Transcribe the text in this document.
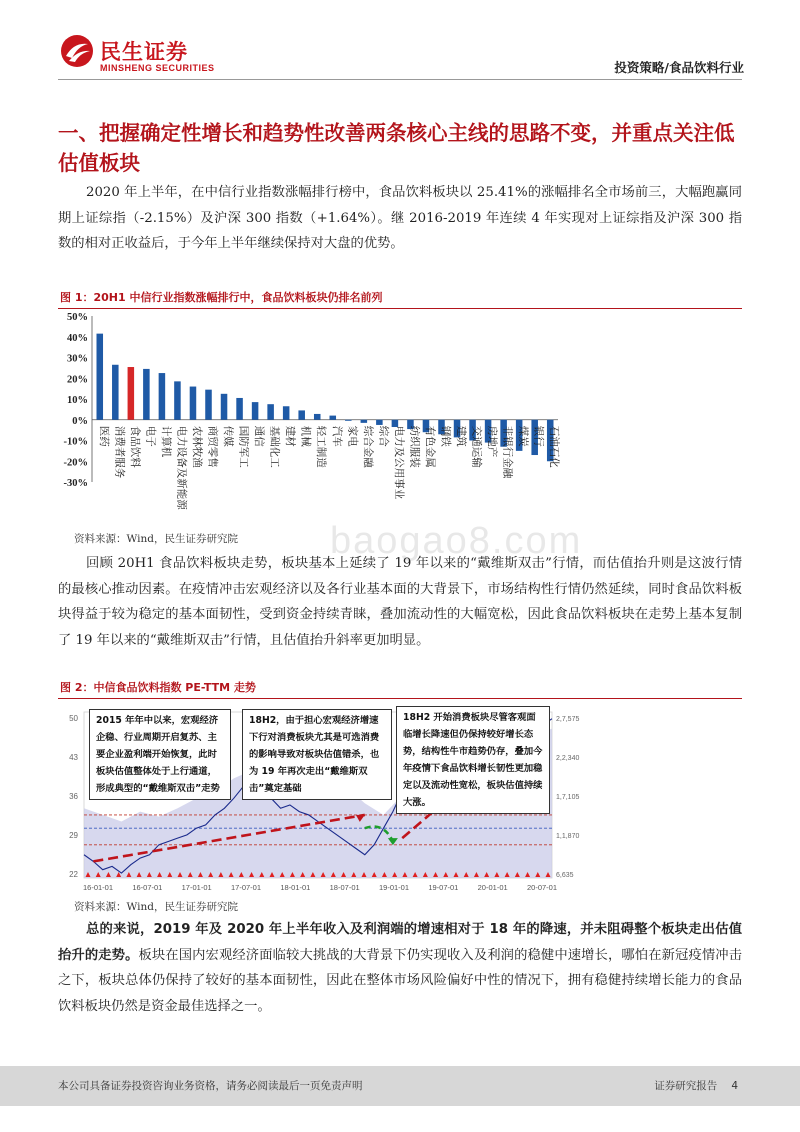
民生证券
MINSHENG SECURITIES	投资策略/食品饮料行业
一、把握确定性增长和趋势性改善两条核心主线的思路不变，并重点关注低估值板块
2020 年上半年，在中信行业指数涨幅排行榜中，食品饮料板块以 25.41%的涨幅排名全市场前三，大幅跑赢同期上证综指（-2.15%）及沪深 300 指数（+1.64%）。继 2016-2019 年连续 4 年实现对上证综指及沪深 300 指数的相对正收益后，于今年上半年继续保持对大盘的优势。
图 1：20H1 中信行业指数涨幅排行中，食品饮料板块仍排名前列
50%
40%
30%
20%
10%
0%
-10%
-20%
-30%
医药 消费者服务 食品饮料 电子 计算机 电力设备及新能源 农林牧渔 商贸零售 传媒 国防军工 通信 基础化工 建材 机械 轻工制造 汽车 家电 综合金融 综合 电力及公用事业 纺织服装 有色金属 钢铁 建筑 交通运输 房地产 非银行金融 煤炭 银行 石油石化
资料来源：Wind，民生证券研究院 baogao8.com
回顾 20H1 食品饮料板块走势，板块基本上延续了 19 年以来的“戴维斯双击”行情，而估值抬升则是这波行情的最核心推动因素。在疫情冲击宏观经济以及各行业基本面的大背景下，市场结构性行情仍然延续，同时食品饮料板块得益于较为稳定的基本面韧性，受到资金持续青睐，叠加流动性的大幅宽松，因此食品饮料板块在走势上基本复制了 19 年以来的“戴维斯双击”行情，且估值抬升斜率更加明显。
图 2：中信食品饮料指数 PE-TTM 走势
50
43
36
29
22
2,7,575
2,2,340
1,7,105
1,1,870
6,635
16-01-01	16-07-01	17-01-01	17-07-01	18-01-01	18-07-01	19-01-01	19-07-01	20-01-01	20-07-01
2015 年年中以来，宏观经济企稳、行业周期开启复苏、主要企业盈利端开始恢复，此时板块估值整体处于上行通道，形成典型的“戴维斯双击”走势
18H2，由于担心宏观经济增速下行对消费板块尤其是可选消费的影响导致对板块估值错杀，也为 19 年再次走出“戴维斯双击”奠定基础
18H2 开始消费板块尽管客观面临增长降速但仍保持较好增长态势，结构性牛市趋势仍存，叠加今年疫情下食品饮料增长韧性更加稳定以及流动性宽松，板块估值持续大涨。
资料来源：Wind，民生证券研究院
总的来说，2019 年及 2020 年上半年收入及利润端的增速相对于 18 年的降速，并未阻碍整个板块走出估值抬升的走势。板块在国内宏观经济面临较大挑战的大背景下仍实现收入及利润的稳健中速增长，哪怕在新冠疫情冲击之下，板块总体仍保持了较好的基本面韧性，因此在整体市场风险偏好中性的情况下，拥有稳健持续增长能力的食品饮料板块仍然是资金最佳选择之一。
本公司具备证券投资咨询业务资格，请务必阅读最后一页免责声明	证券研究报告 4
